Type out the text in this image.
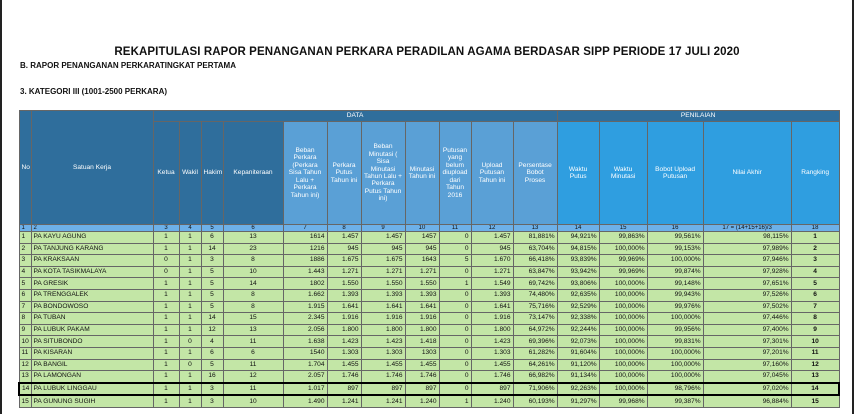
REKAPITULASI RAPOR PENANGANAN PERKARA PERADILAN AGAMA BERDASAR SIPP PERIODE 17 JULI 2020
B. RAPOR PENANGANAN PERKARATINGKAT PERTAMA
3. KATEGORI III (1001-2500 PERKARA)
No	Satuan Kerja	DATA											PENILAIAN				
		Ketua	Wakil	Hakim	Kepaniteraan	Beban Perkara (Perkara Sisa Tahun Lalu + Perkara Tahun ini)	Perkara Putus Tahun ini	Beban Minutasi ( Sisa Minutasi Tahun Lalu + Perkara Putus Tahun ini)	Minutasi Tahun ini	Putusan yang belum diupload dari Tahun 2016	Upload Putusan Tahun ini	Persentase Bobot Proses	Waktu Putus	Waktu Minutasi	Bobot Upload Putusan	Nilai Akhir	Rangking
1	2	3	4	5	6	7	8	9	10	11	12	13	14	15	16	17 = (14+15+16)/3	18
1	PA KAYU AGUNG	1	1	6	13	1614	1.457	1.457	1457	0	1.457	81,881%	94,921%	99,863%	99,561%	98,115%	1
2	PA TANJUNG KARANG	1	1	14	23	1216	945	945	945	0	945	63,704%	94,815%	100,000%	99,153%	97,989%	2
3	PA KRAKSAAN	0	1	3	8	1886	1.675	1.675	1643	5	1.670	66,418%	93,839%	99,969%	100,000%	97,946%	3
4	PA KOTA TASIKMALAYA	0	1	5	10	1.443	1.271	1.271	1.271	0	1.271	63,847%	93,942%	99,969%	99,874%	97,928%	4
5	PA GRESIK	1	1	5	14	1802	1.550	1.550	1.550	1	1.549	69,742%	93,806%	100,000%	99,148%	97,651%	5
6	PA TRENGGALEK	1	1	5	8	1.662	1.393	1.393	1.393	0	1.393	74,480%	92,635%	100,000%	99,943%	97,526%	6
7	PA BONDOWOSO	1	1	5	8	1.915	1.641	1.641	1.641	0	1.641	75,716%	92,529%	100,000%	99,976%	97,502%	7
8	PA TUBAN	1	1	14	15	2.345	1.916	1.916	1.916	0	1.916	73,147%	92,338%	100,000%	100,000%	97,446%	8
9	PA LUBUK PAKAM	1	1	12	13	2.056	1.800	1.800	1.800	0	1.800	64,972%	92,244%	100,000%	99,956%	97,400%	9
10	PA SITUBONDO	1	0	4	11	1.638	1.423	1.423	1.418	0	1.423	69,396%	92,073%	100,000%	99,831%	97,301%	10
11	PA KISARAN	1	1	6	6	1540	1.303	1.303	1303	0	1.303	61,282%	91,604%	100,000%	100,000%	97,201%	11
12	PA BANGIL	1	0	5	11	1.704	1.455	1.455	1.455	0	1.455	64,261%	91,120%	100,000%	100,000%	97,160%	12
13	PA LAMONGAN	1	1	16	12	2.057	1.746	1.746	1.746	0	1.746	66,982%	91,134%	100,000%	100,000%	97,045%	13
14	PA LUBUK LINGGAU	1	1	3	11	1.017	897	897	897	0	897	71,906%	92,263%	100,000%	98,796%	97,020%	14
15	PA GUNUNG SUGIH	1	1	3	10	1.490	1.241	1.241	1.240	1	1.240	60,193%	91,297%	99,968%	99,387%	96,884%	15
